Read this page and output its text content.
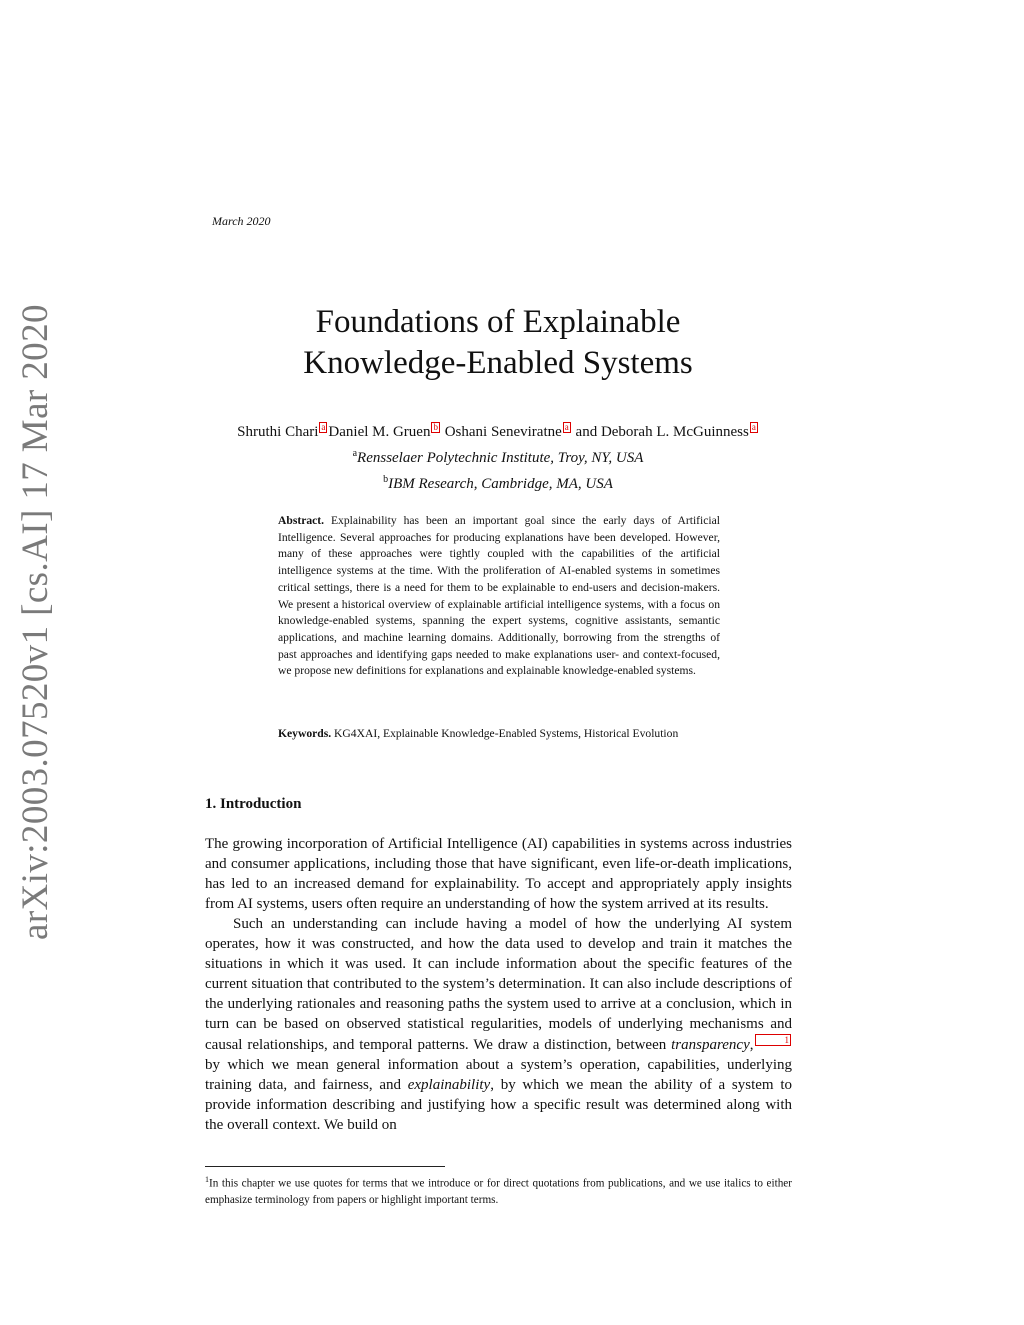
March 2020
arXiv:2003.07520v1 [cs.AI] 17 Mar 2020	Foundations of Explainable
Knowledge-Enabled Systems
Shruthi Chari a Daniel M. Gruen b Oshani Seneviratne a and Deborah L. McGuinness a
$^a$Rensselaer Polytechnic Institute, Troy, NY, USA
$^b$IBM Research, Cambridge, MA, USA
Abstract. Explainability has been an important goal since the early days of Artificial Intelligence. Several approaches for producing explanations have been developed. However, many of these approaches were tightly coupled with the capabilities of the artificial intelligence systems at the time. With the proliferation of AI-enabled systems in sometimes critical settings, there is a need for them to be explainable to end-users and decision-makers. We present a historical overview of explainable artificial intelligence systems, with a focus on knowledge-enabled systems, spanning the expert systems, cognitive assistants, semantic applications, and machine learning domains. Additionally, borrowing from the strengths of past approaches and identifying gaps needed to make explanations user- and context-focused, we propose new definitions for explanations and explainable knowledge-enabled systems.
Keywords. KG4XAI, Explainable Knowledge-Enabled Systems, Historical Evolution
1. Introduction

The growing incorporation of Artificial Intelligence (AI) capabilities in systems across industries and consumer applications, including those that have significant, even life-or-death implications, has led to an increased demand for explainability. To accept and appropriately apply insights from AI systems, users often require an understanding of how the system arrived at its results.

Such an understanding can include having a model of how the underlying AI system operates, how it was constructed, and how the data used to develop and train it matches the situations in which it was used. It can include information about the specific features of the current situation that contributed to the system’s determination. It can also include descriptions of the underlying rationales and reasoning paths the system used to arrive at a conclusion, which in turn can be based on observed statistical regularities, models of underlying mechanisms and causal relationships, and temporal patterns. We draw a distinction, between transparency,	1 by which we mean general information about a system’s operation, capabilities, underlying training data, and fairness, and explainability, by which we mean the ability of a system to provide information describing and justifying how a specific result was determined along with the overall context. We build on

$^1$In this chapter we use quotes for terms that we introduce or for direct quotations from publications, and we use italics to either emphasize terminology from papers or highlight important terms.
